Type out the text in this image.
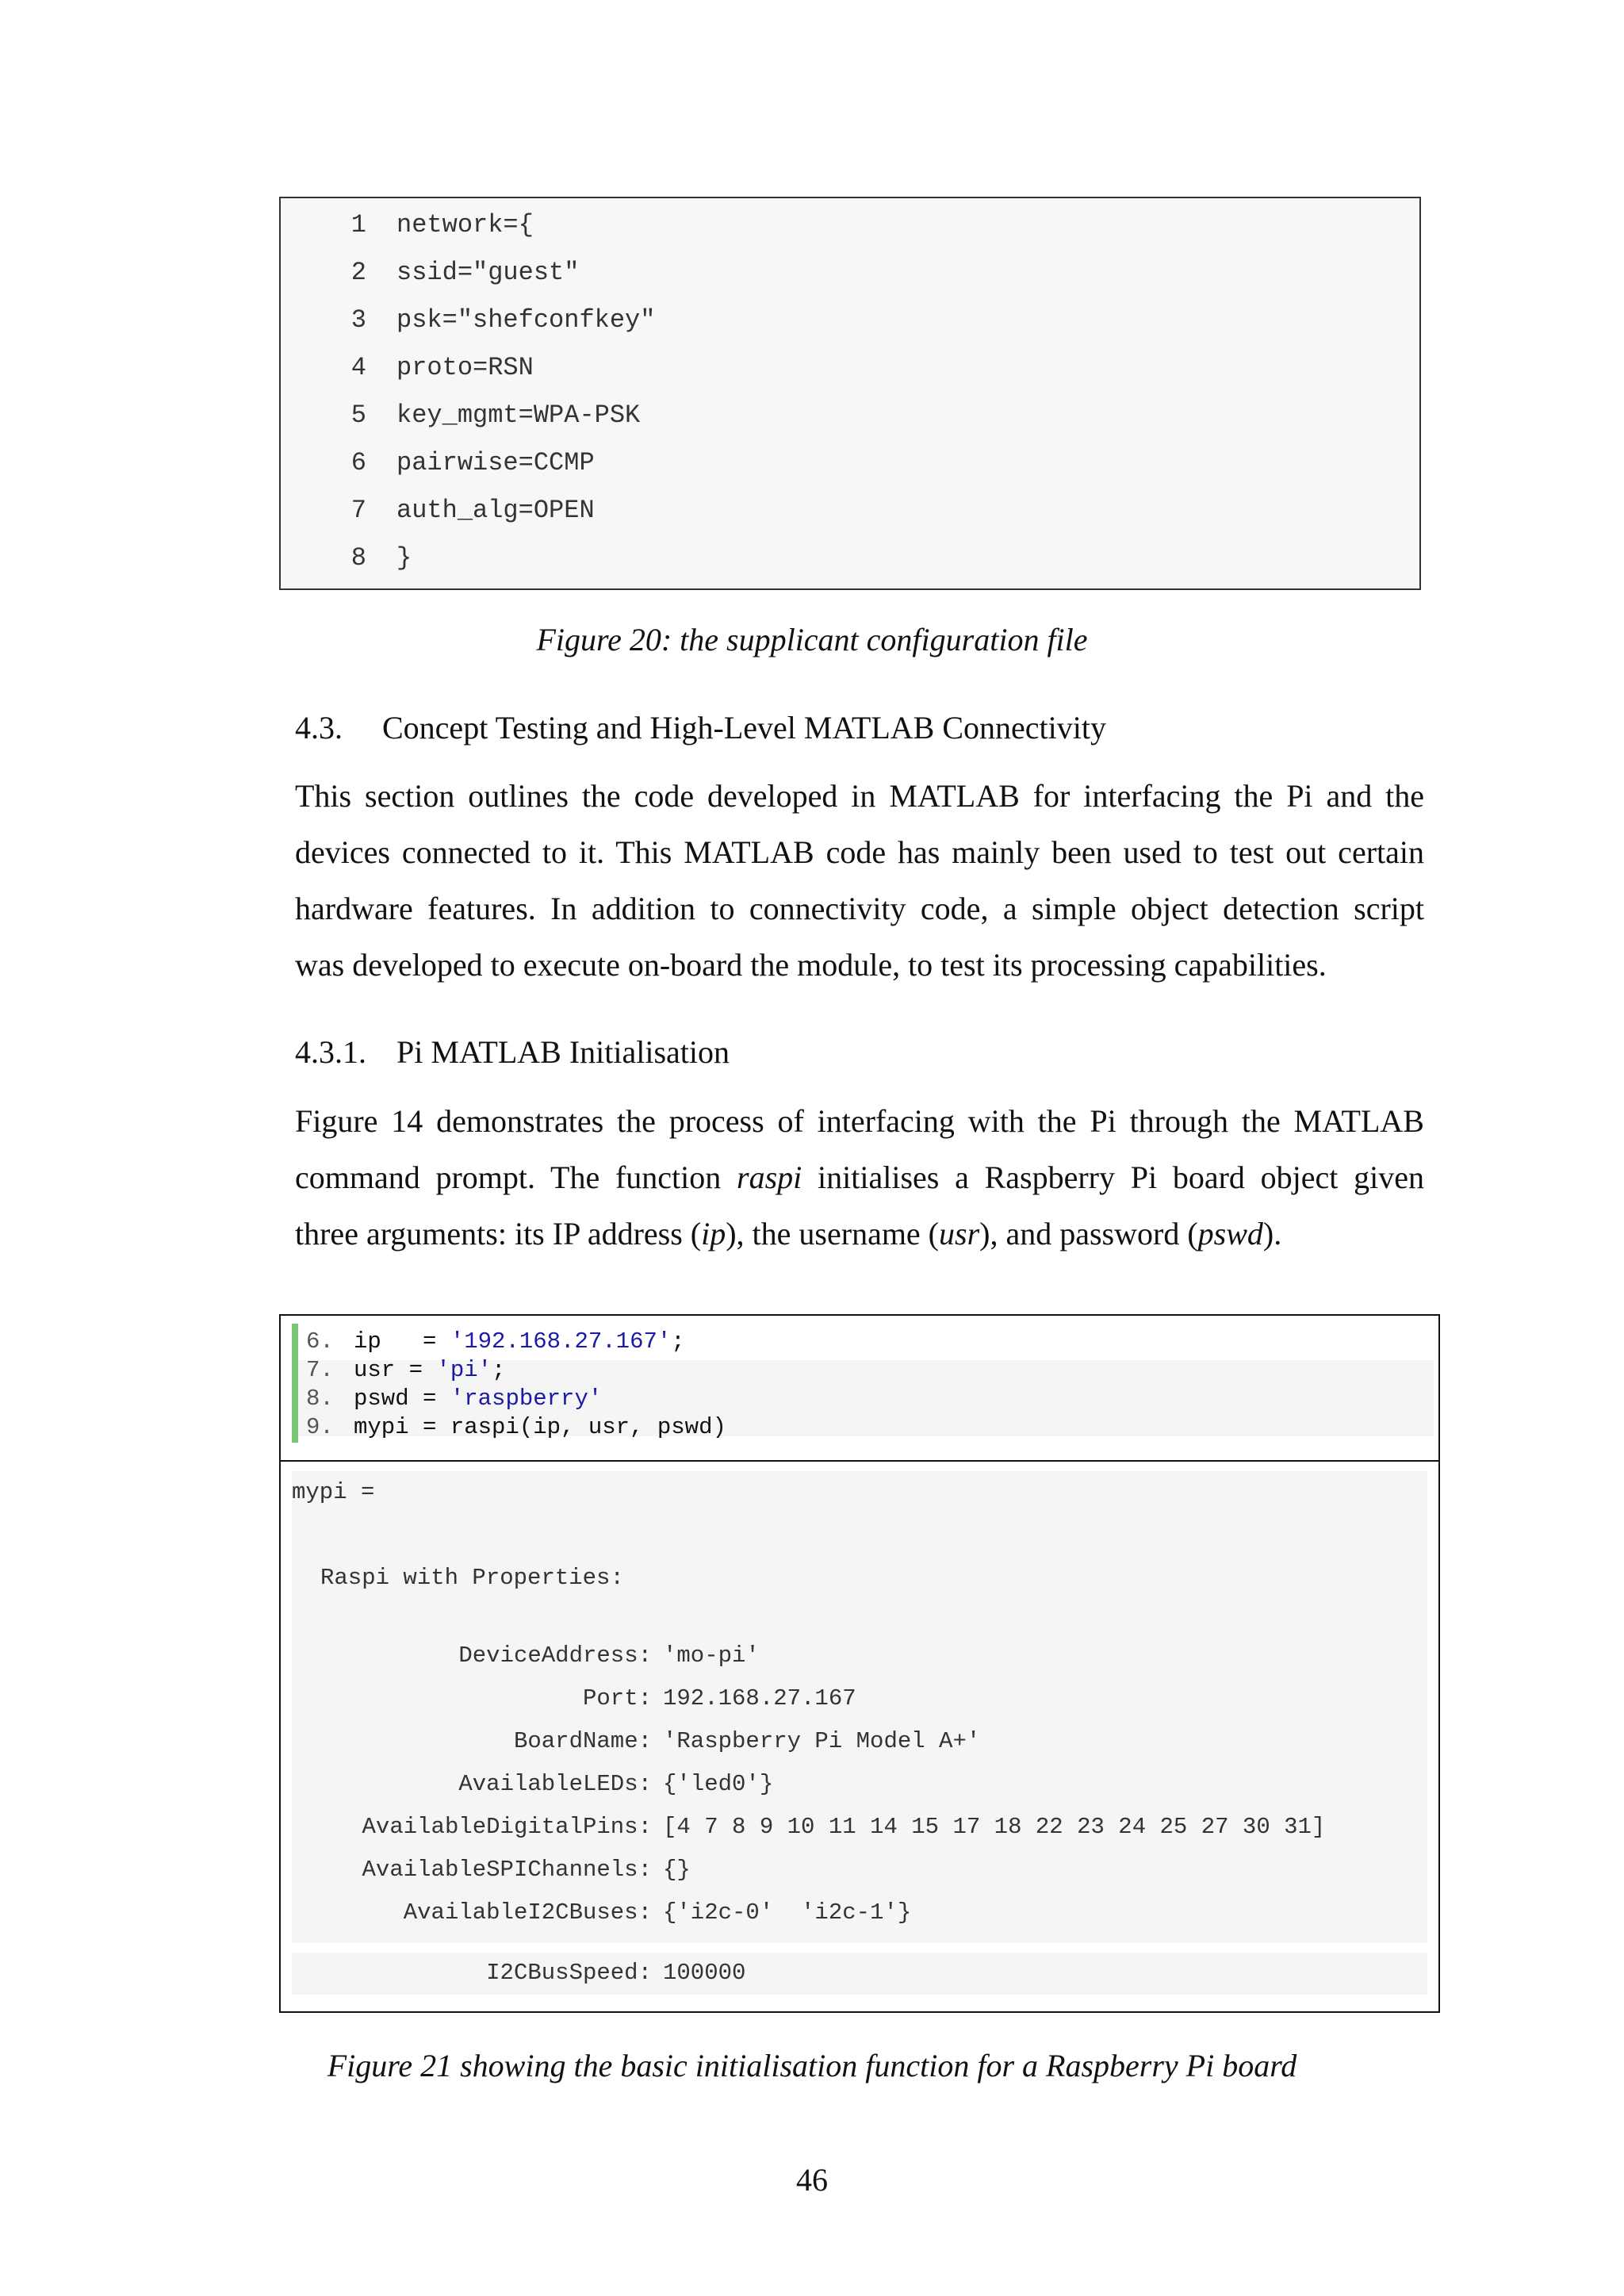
1 network={
2 ssid="guest"
3 psk="shefconfkey"
4 proto=RSN
5 key_mgmt=WPA-PSK
6 pairwise=CCMP
7 auth_alg=OPEN
8 }
Figure 20: the supplicant configuration file
4.3. Concept Testing and High-Level MATLAB Connectivity
This section outlines the code developed in MATLAB for interfacing the Pi and the
devices connected to it. This MATLAB code has mainly been used to test out certain
hardware features. In addition to connectivity code, a simple object detection script
was developed to execute on-board the module, to test its processing capabilities.
4.3.1. Pi MATLAB Initialisation
Figure 14 demonstrates the process of interfacing with the Pi through the MATLAB
command prompt. The function raspi initialises a Raspberry Pi board object given
three arguments: its IP address (ip), the username (usr), and password (pswd).
6. ip   = '192.168.27.167';
7. usr = 'pi';
8. pswd = 'raspberry'
9. mypi = raspi(ip, usr, pswd)
mypi =
Raspi with Properties:
DeviceAddress: 'mo-pi'
Port: 192.168.27.167
BoardName: 'Raspberry Pi Model A+'
AvailableLEDs: {'led0'}
AvailableDigitalPins: [4 7 8 9 10 11 14 15 17 18 22 23 24 25 27 30 31]
AvailableSPIChannels: {}
AvailableI2CBuses: {'i2c-0'  'i2c-1'}
I2CBusSpeed: 100000
Figure 21 showing the basic initialisation function for a Raspberry Pi board
46
